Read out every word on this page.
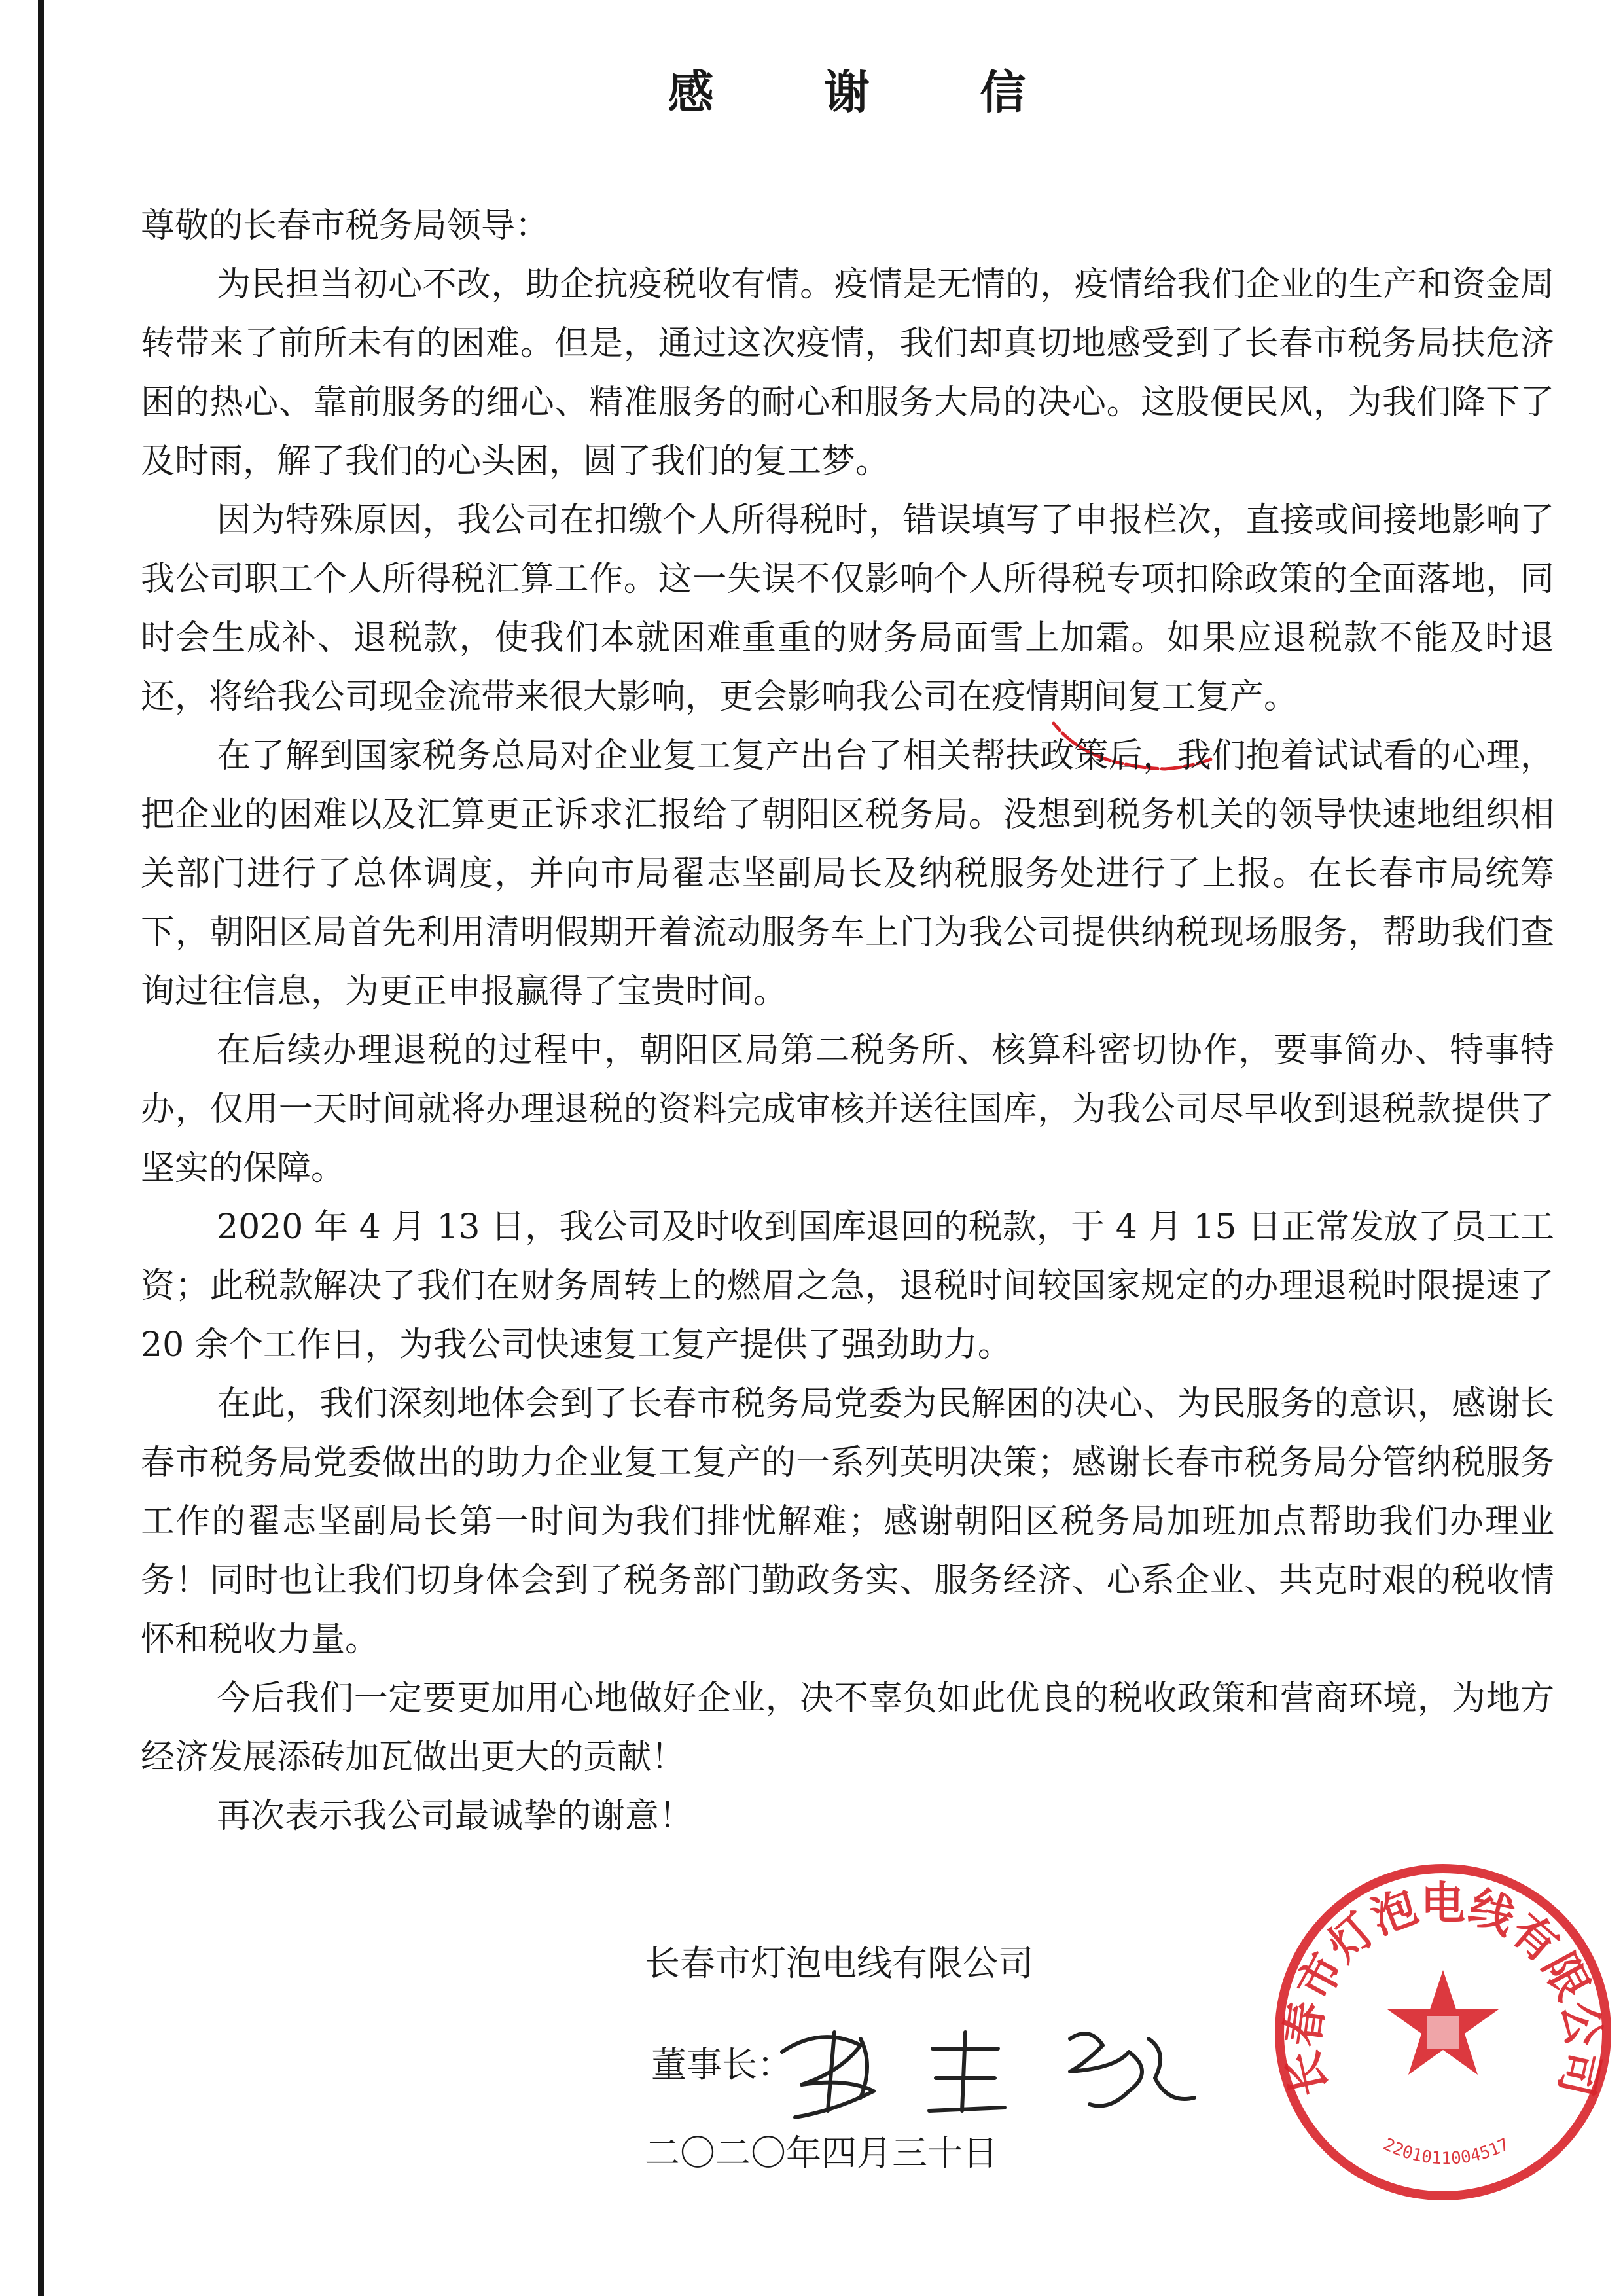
感 谢 信

尊敬的长春市税务局领导：

为民担当初心不改，助企抗疫税收有情。疫情是无情的，疫情给我们企业的生产和资金周转带来了前所未有的困难。但是，通过这次疫情，我们却真切地感受到了长春市税务局扶危济困的热心、靠前服务的细心、精准服务的耐心和服务大局的决心。这股便民风，为我们降下了及时雨，解了我们的心头困，圆了我们的复工梦。

因为特殊原因，我公司在扣缴个人所得税时，错误填写了申报栏次，直接或间接地影响了我公司职工个人所得税汇算工作。这一失误不仅影响个人所得税专项扣除政策的全面落地，同时会生成补、退税款，使我们本就困难重重的财务局面雪上加霜。如果应退税款不能及时退还，将给我公司现金流带来很大影响，更会影响我公司在疫情期间复工复产。

在了解到国家税务总局对企业复工复产出台了相关帮扶政策后，我们抱着试试看的心理，把企业的困难以及汇算更正诉求汇报给了朝阳区税务局。没想到税务机关的领导快速地组织相关部门进行了总体调度，并向市局翟志坚副局长及纳税服务处进行了上报。在长春市局统筹下，朝阳区局首先利用清明假期开着流动服务车上门为我公司提供纳税现场服务，帮助我们查询过往信息，为更正申报赢得了宝贵时间。

在后续办理退税的过程中，朝阳区局第二税务所、核算科密切协作，要事简办、特事特办，仅用一天时间就将办理退税的资料完成审核并送往国库，为我公司尽早收到退税款提供了坚实的保障。

2020 年 4 月 13 日，我公司及时收到国库退回的税款，于 4 月 15 日正常发放了员工工资；此税款解决了我们在财务周转上的燃眉之急，退税时间较国家规定的办理退税时限提速了 20 余个工作日，为我公司快速复工复产提供了强劲助力。

在此，我们深刻地体会到了长春市税务局党委为民解困的决心、为民服务的意识，感谢长春市税务局党委做出的助力企业复工复产的一系列英明决策；感谢长春市税务局分管纳税服务工作的翟志坚副局长第一时间为我们排忧解难；感谢朝阳区税务局加班加点帮助我们办理业务！同时也让我们切身体会到了税务部门勤政务实、服务经济、心系企业、共克时艰的税收情怀和税收力量。

今后我们一定要更加用心地做好企业，决不辜负如此优良的税收政策和营商环境，为地方经济发展添砖加瓦做出更大的贡献！

再次表示我公司最诚挚的谢意！

长春市灯泡电线有限公司
董事长：
二〇二〇年四月三十日
长春市灯泡电线有限公司
2201011004517
